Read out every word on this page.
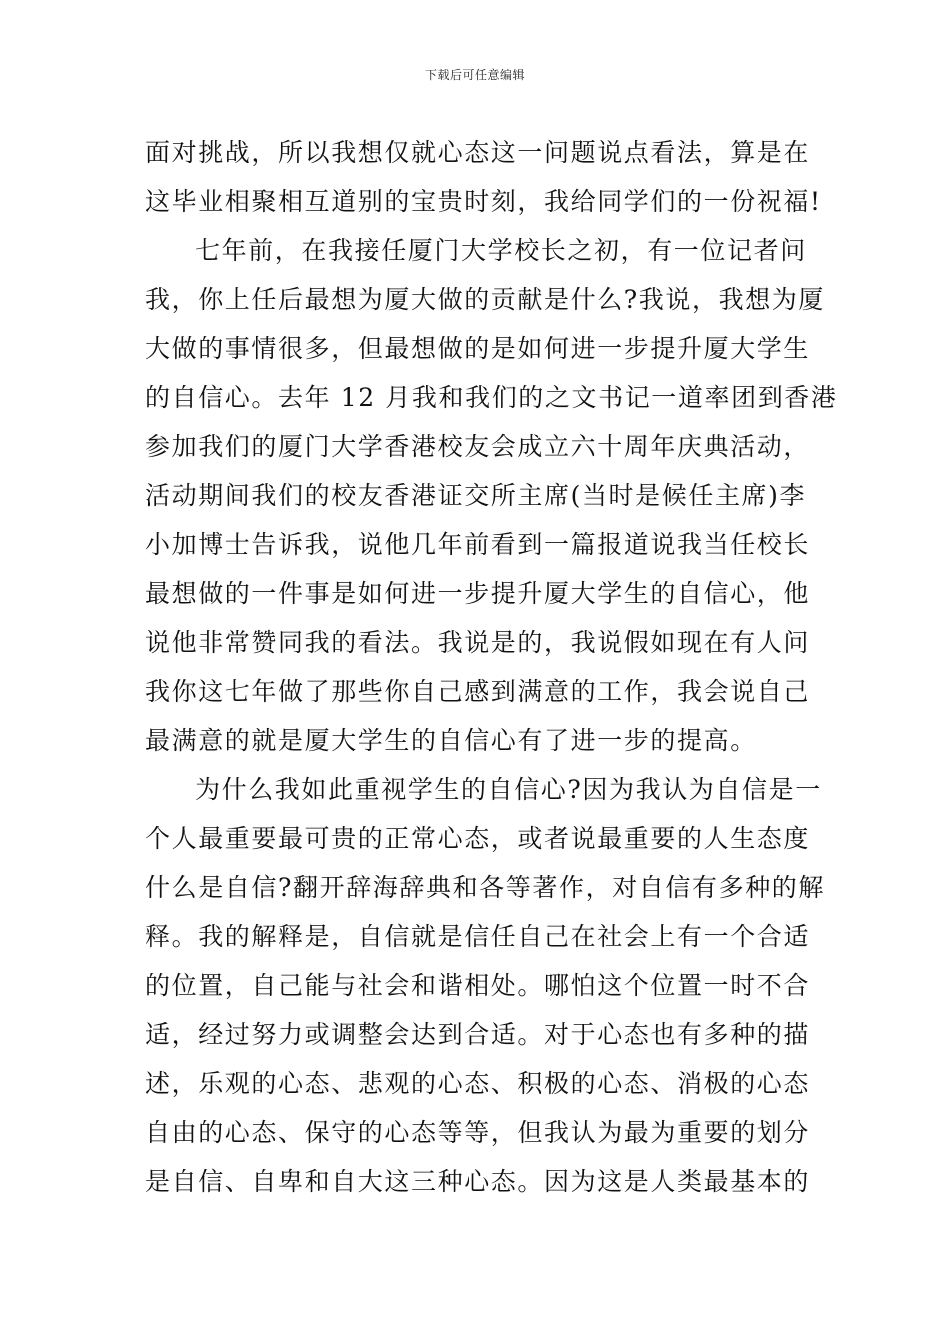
下载后可任意编辑
面对挑战，所以我想仅就心态这一问题说点看法，算是在
这毕业相聚相互道别的宝贵时刻，我给同学们的一份祝福!
七年前，在我接任厦门大学校长之初，有一位记者问
我，你上任后最想为厦大做的贡献是什么?我说，我想为厦
大做的事情很多，但最想做的是如何进一步提升厦大学生
的自信心。去年 12 月我和我们的之文书记一道率团到香港
参加我们的厦门大学香港校友会成立六十周年庆典活动，
活动期间我们的校友香港证交所主席(当时是候任主席)李
小加博士告诉我，说他几年前看到一篇报道说我当任校长
最想做的一件事是如何进一步提升厦大学生的自信心，他
说他非常赞同我的看法。我说是的，我说假如现在有人问
我你这七年做了那些你自己感到满意的工作，我会说自己
最满意的就是厦大学生的自信心有了进一步的提高。
为什么我如此重视学生的自信心?因为我认为自信是一
个人最重要最可贵的正常心态，或者说最重要的人生态度
什么是自信?翻开辞海辞典和各等著作，对自信有多种的解
释。我的解释是，自信就是信任自己在社会上有一个合适
的位置，自己能与社会和谐相处。哪怕这个位置一时不合
适，经过努力或调整会达到合适。对于心态也有多种的描
述，乐观的心态、悲观的心态、积极的心态、消极的心态
自由的心态、保守的心态等等，但我认为最为重要的划分
是自信、自卑和自大这三种心态。因为这是人类最基本的
